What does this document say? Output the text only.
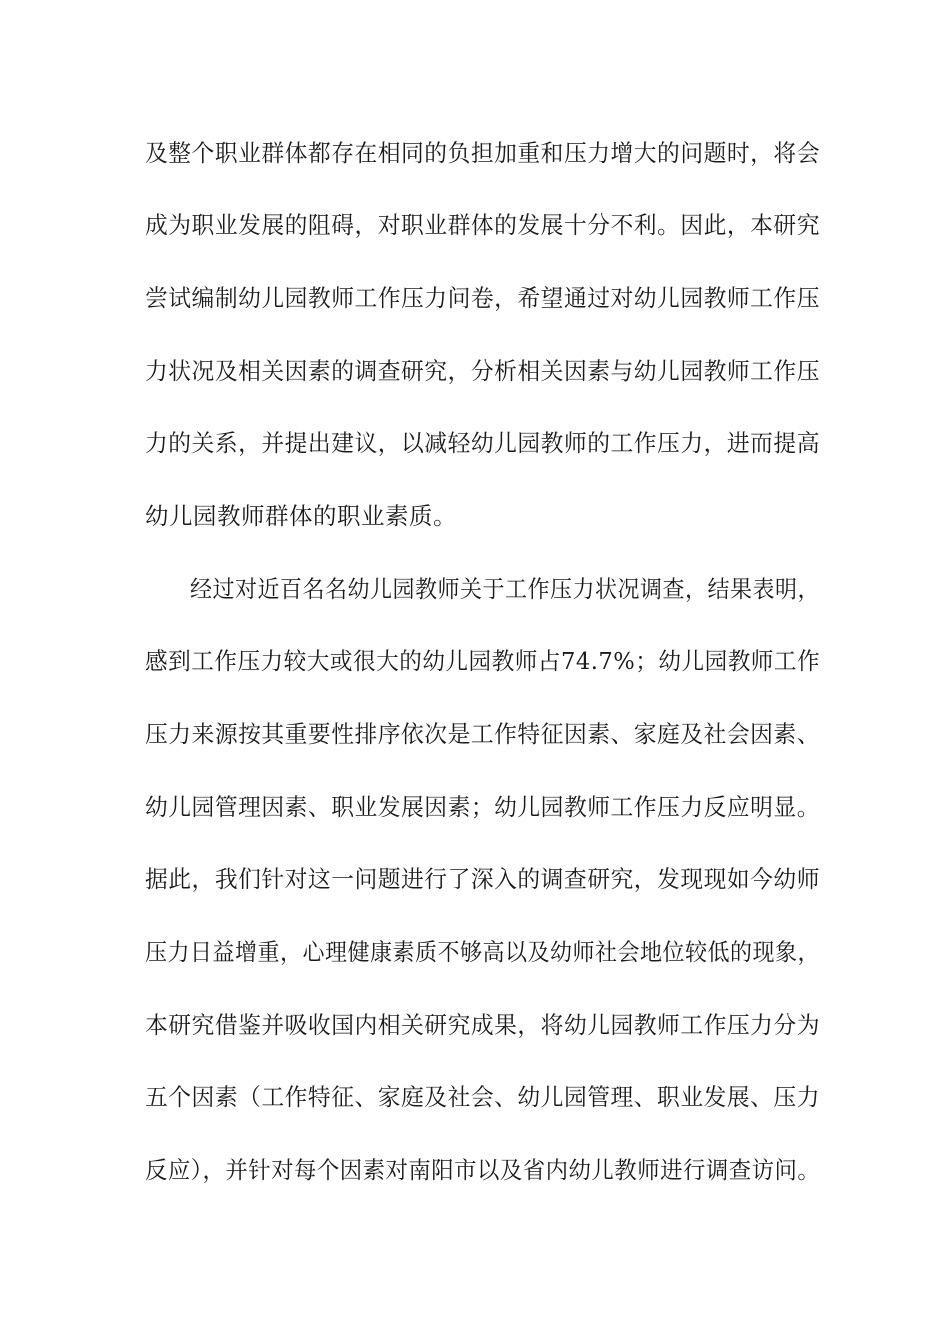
及整个职业群体都存在相同的负担加重和压力增大的问题时，将会
成为职业发展的阻碍，对职业群体的发展十分不利。因此，本研究
尝试编制幼儿园教师工作压力问卷，希望通过对幼儿园教师工作压
力状况及相关因素的调查研究，分析相关因素与幼儿园教师工作压
力的关系，并提出建议，以减轻幼儿园教师的工作压力，进而提高
幼儿园教师群体的职业素质。
经过对近百名名幼儿园教师关于工作压力状况调查，结果表明，
感到工作压力较大或很大的幼儿园教师占74.7%；幼儿园教师工作
压力来源按其重要性排序依次是工作特征因素、家庭及社会因素、
幼儿园管理因素、职业发展因素；幼儿园教师工作压力反应明显。
据此，我们针对这一问题进行了深入的调查研究，发现现如今幼师
压力日益增重，心理健康素质不够高以及幼师社会地位较低的现象，
本研究借鉴并吸收国内相关研究成果，将幼儿园教师工作压力分为
五个因素（工作特征、家庭及社会、幼儿园管理、职业发展、压力
反应），并针对每个因素对南阳市以及省内幼儿教师进行调查访问。
